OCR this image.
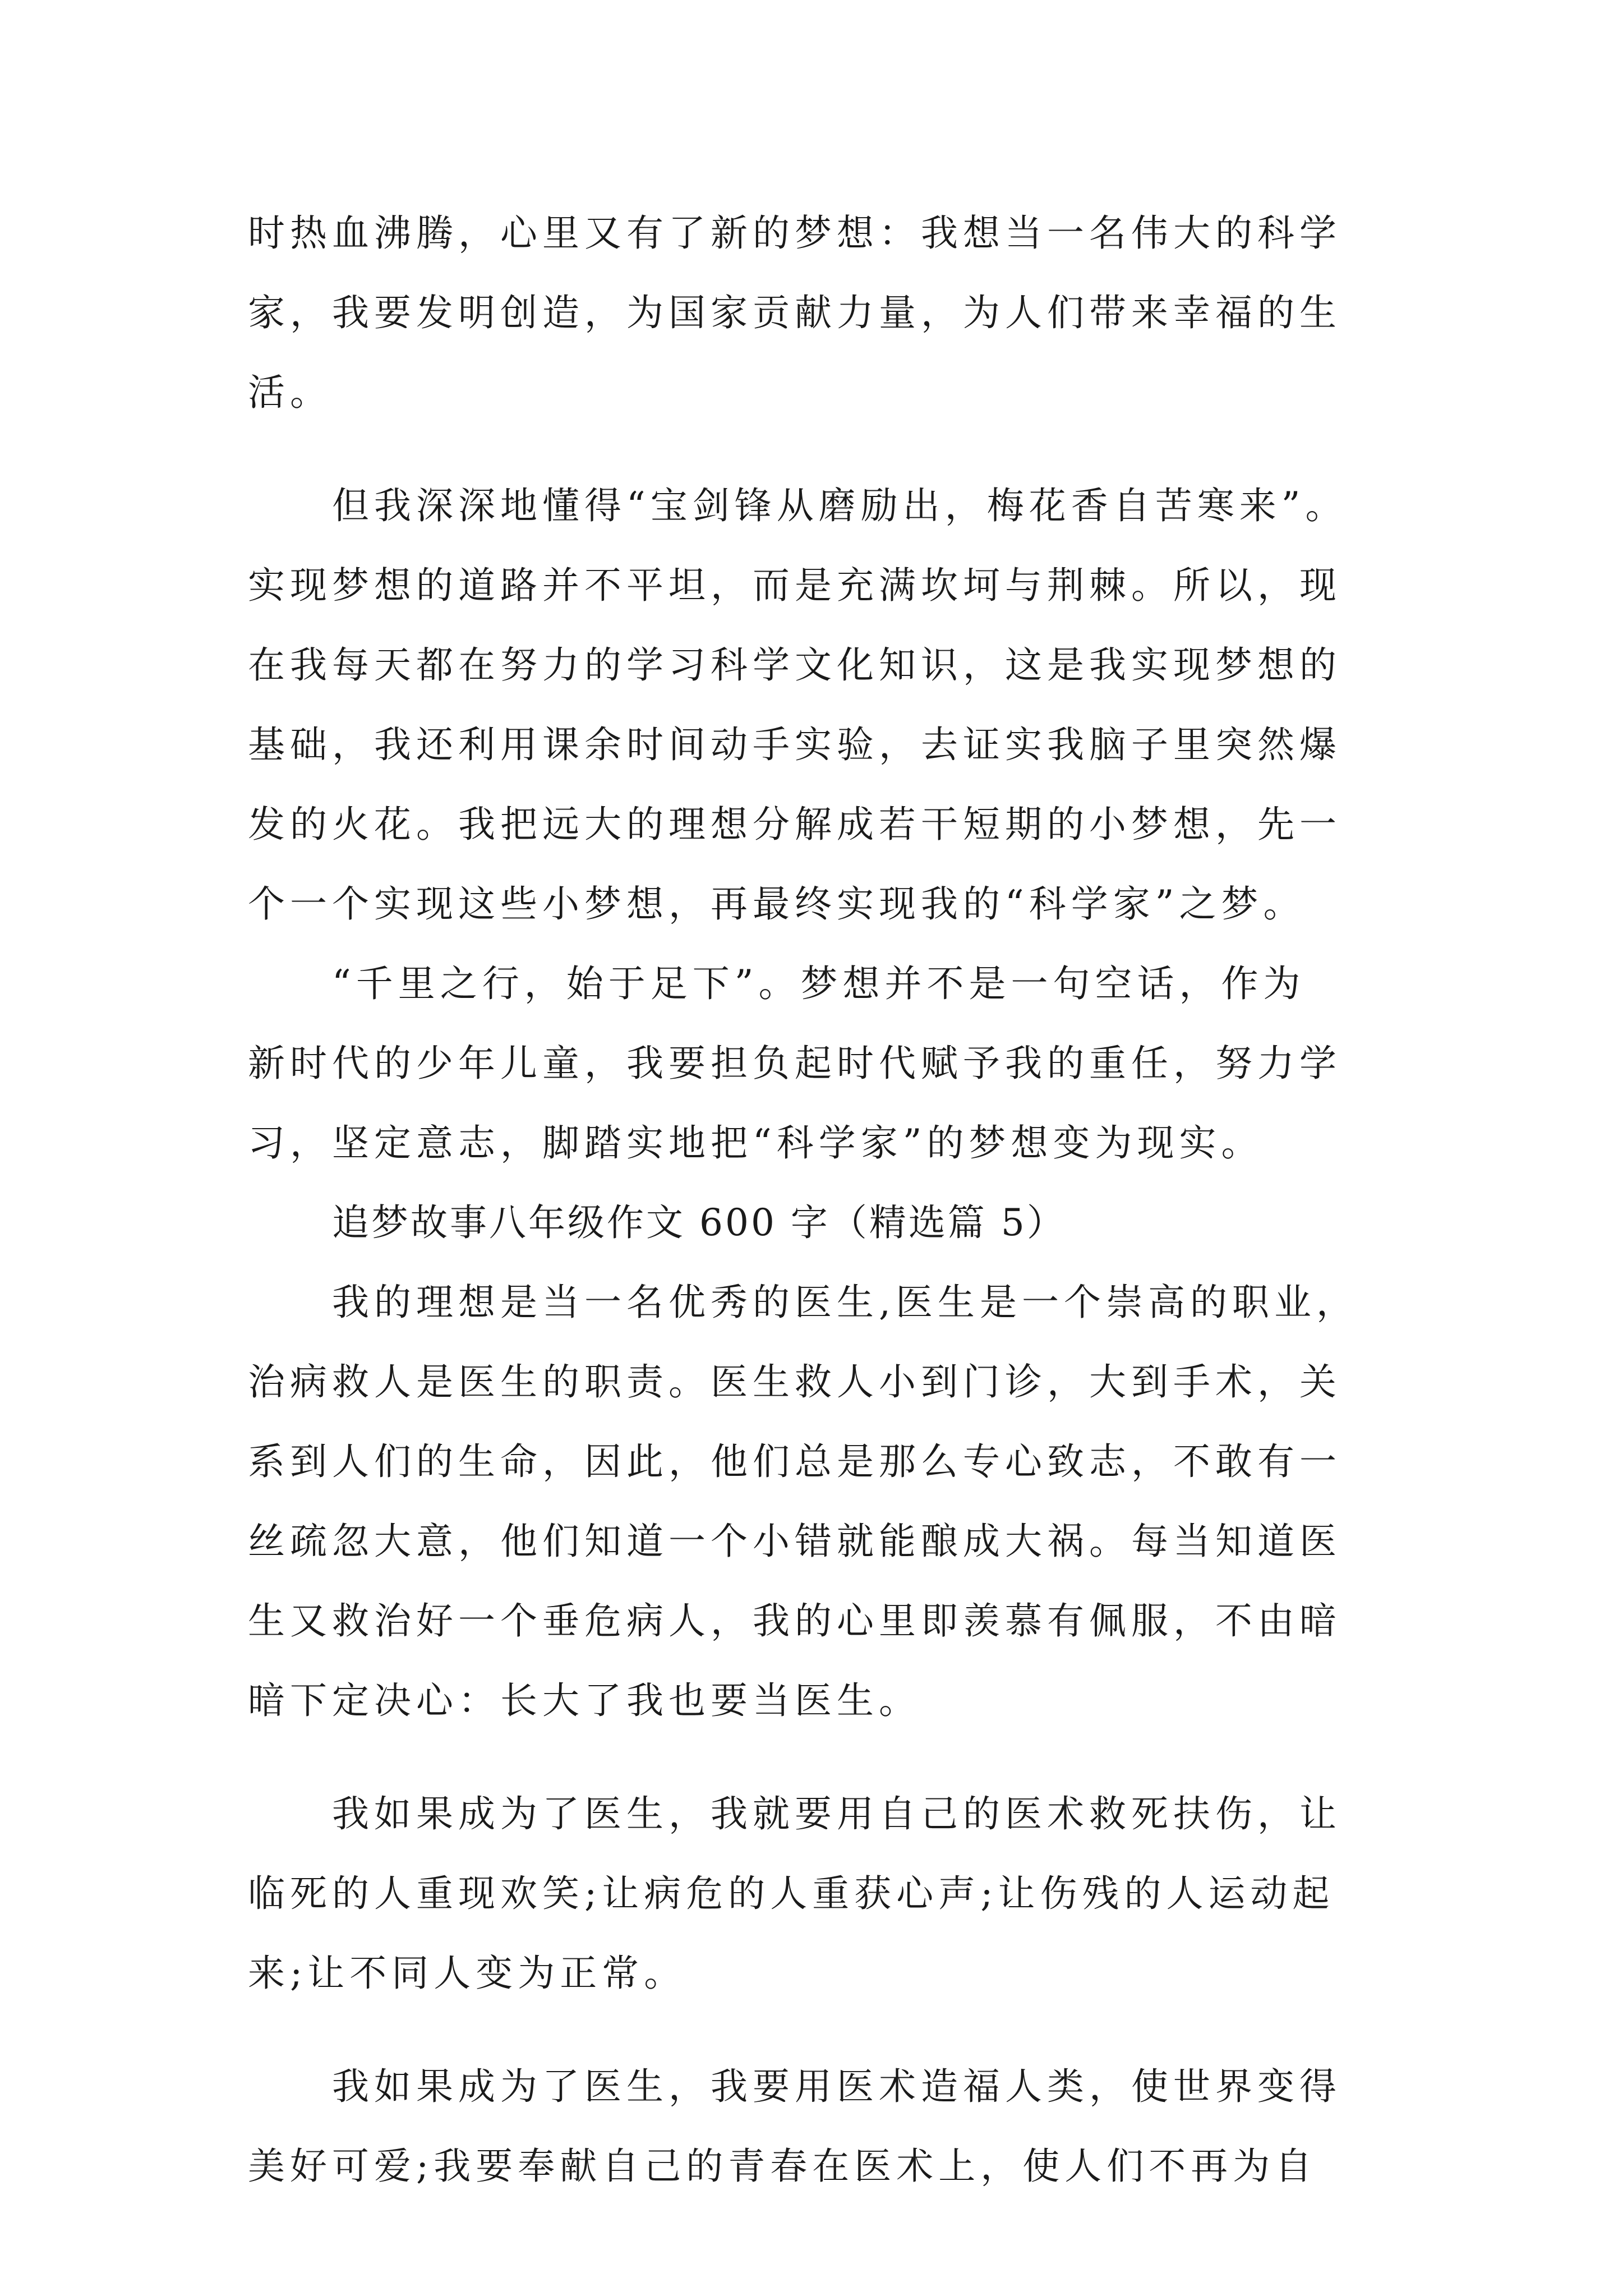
时热血沸腾，心里又有了新的梦想：我想当一名伟大的科学
家，我要发明创造，为国家贡献力量，为人们带来幸福的生
活。
但我深深地懂得“宝剑锋从磨励出，梅花香自苦寒来”。
实现梦想的道路并不平坦，而是充满坎坷与荆棘。所以，现
在我每天都在努力的学习科学文化知识，这是我实现梦想的
基础，我还利用课余时间动手实验，去证实我脑子里突然爆
发的火花。我把远大的理想分解成若干短期的小梦想，先一
个一个实现这些小梦想，再最终实现我的“科学家”之梦。
“千里之行，始于足下”。梦想并不是一句空话，作为
新时代的少年儿童，我要担负起时代赋予我的重任，努力学
习，坚定意志，脚踏实地把“科学家”的梦想变为现实。
追梦故事八年级作文 600 字（精选篇 5）
我的理想是当一名优秀的医生,医生是一个崇高的职业，
治病救人是医生的职责。医生救人小到门诊，大到手术，关
系到人们的生命，因此，他们总是那么专心致志，不敢有一
丝疏忽大意，他们知道一个小错就能酿成大祸。每当知道医
生又救治好一个垂危病人，我的心里即羡慕有佩服，不由暗
暗下定决心：长大了我也要当医生。
我如果成为了医生，我就要用自己的医术救死扶伤，让
临死的人重现欢笑;让病危的人重获心声;让伤残的人运动起
来;让不同人变为正常。
我如果成为了医生，我要用医术造福人类，使世界变得
美好可爱;我要奉献自己的青春在医术上，使人们不再为自
